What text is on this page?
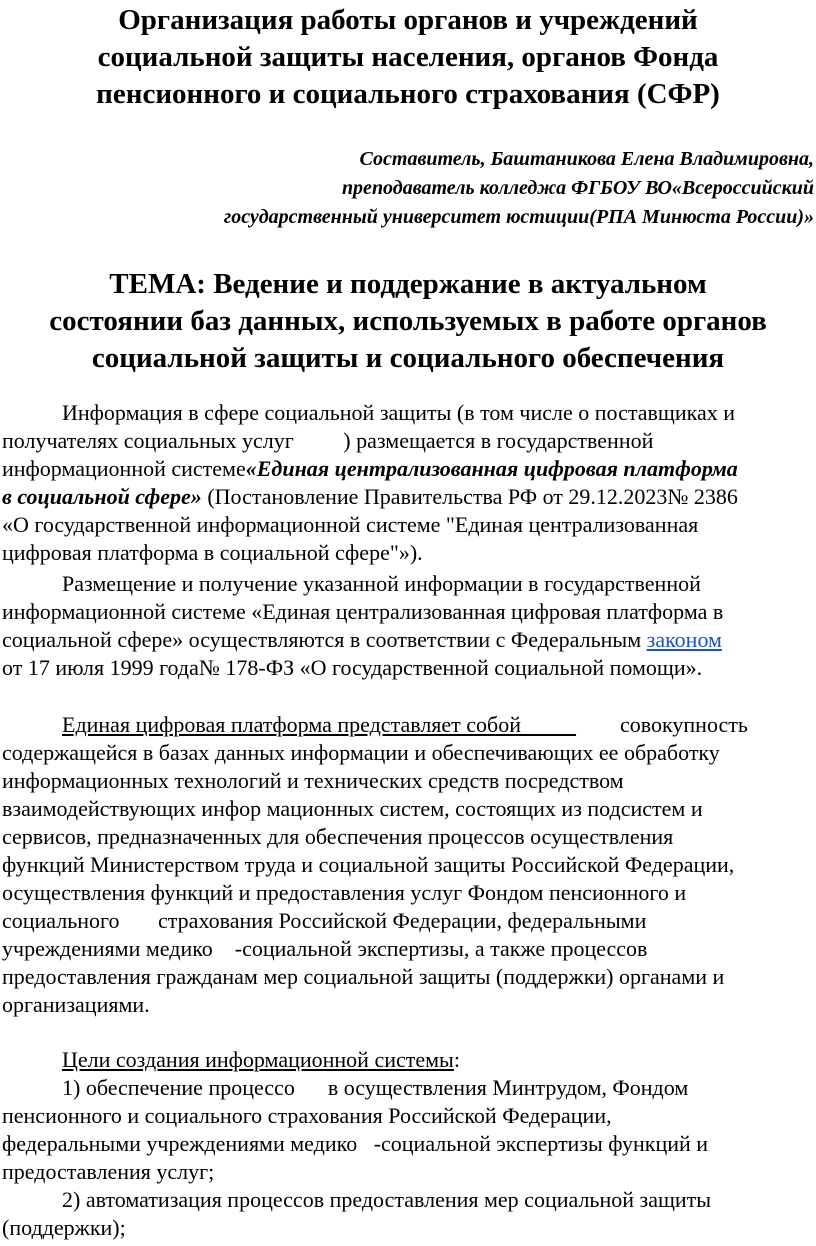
Организация работы органов и учреждений
социальной защиты населения, органов Фонда
пенсионного и социального страхования (СФР)
Составитель, Баштаникова Елена Владимировна,
преподаватель колледжа ФГБОУ ВО«Всероссийский
государственный университет юстиции(РПА Минюста России)»
ТЕМА: Ведение и поддержание в актуальном
состоянии баз данных, используемых в работе органов
социальной защиты и социального обеспечения
Информация в сфере социальной защиты (в том числе о поставщиках и
получателях социальных услуг         ) размещается в государственной
информационной системе«Единая централизованная цифровая платформа
в социальной сфере» (Постановление Правительства РФ от 29.12.2023№ 2386
«О государственной информационной системе "Единая централизованная
цифровая платформа в социальной сфере"»).
Размещение и получение указанной информации в государственной
информационной системе «Единая централизованная цифровая платформа в
социальной сфере» осуществляются в соответствии с Федеральным законом
от 17 июля 1999 года№ 178-ФЗ «О государственной социальной помощи».
Единая цифровая платформа представляет собой                  совокупность
содержащейся в базах данных информации и обеспечивающих ее обработку
информационных технологий и технических средств посредством
взаимодействующих инфор мационных систем, состоящих из подсистем и
сервисов, предназначенных для обеспечения процессов осуществления
функций Министерством труда и социальной защиты Российской Федерации,
осуществления функций и предоставления услуг Фондом пенсионного и
социального       страхования Российской Федерации, федеральными
учреждениями медико    -социальной экспертизы, а также процессов
предоставления гражданам мер социальной защиты (поддержки) органами и
организациями.
Цели создания информационной системы:
1) обеспечение процессо      в осуществления Минтрудом, Фондом
пенсионного и социального страхования Российской Федерации,
федеральными учреждениями медико   -социальной экспертизы функций и
предоставления услуг;
2) автоматизация процессов предоставления мер социальной защиты
(поддержки);
